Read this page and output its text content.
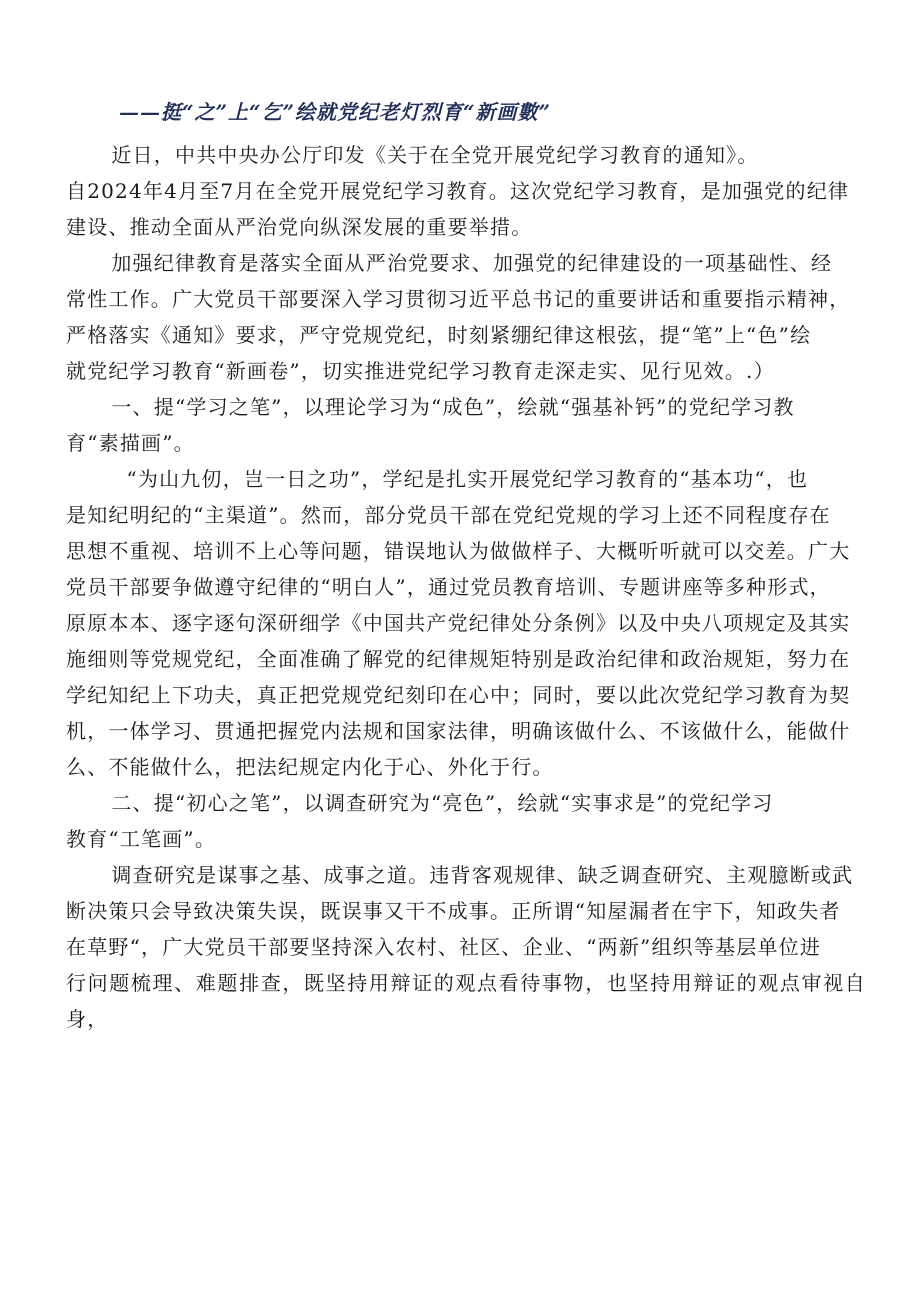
——挺“之”上“乞”绘就党纪老灯烈育“新画數”

近日，中共中央办公厅印发《关于在全党开展党纪学习教育的通知》。

自2024年4月至7月在全党开展党纪学习教育。这次党纪学习教育，是加强党的纪律

建设、推动全面从严治党向纵深发展的重要举措。

加强纪律教育是落实全面从严治党要求、加强党的纪律建设的一项基础性、经

常性工作。广大党员干部要深入学习贯彻习近平总书记的重要讲话和重要指示精神，

严格落实《通知》要求，严守党规党纪，时刻紧绷纪律这根弦，提“笔”上“色”绘

就党纪学习教育“新画卷”，切实推进党纪学习教育走深走实、见行见效。.）

一、提“学习之笔”，以理论学习为“成色”，绘就“强基补钙”的党纪学习教

育“素描画”。

“为山九仞，岂一日之功”，学纪是扎实开展党纪学习教育的“基本功“，也

是知纪明纪的“主渠道”。然而，部分党员干部在党纪党规的学习上还不同程度存在

思想不重视、培训不上心等问题，错误地认为做做样子、大概听听就可以交差。广大

党员干部要争做遵守纪律的“明白人”，通过党员教育培训、专题讲座等多种形式，

原原本本、逐字逐句深研细学《中国共产党纪律处分条例》以及中央八项规定及其实

施细则等党规党纪，全面准确了解党的纪律规矩特别是政治纪律和政治规矩，努力在

学纪知纪上下功夫，真正把党规党纪刻印在心中；同时，要以此次党纪学习教育为契

机，一体学习、贯通把握党内法规和国家法律，明确该做什么、不该做什么，能做什

么、不能做什么，把法纪规定内化于心、外化于行。

二、提“初心之笔”，以调查研究为“亮色”，绘就“实事求是”的党纪学习

教育“工笔画”。

调查研究是谋事之基、成事之道。违背客观规律、缺乏调查研究、主观臆断或武

断决策只会导致决策失误，既误事又干不成事。正所谓“知屋漏者在宇下，知政失者

在草野“，广大党员干部要坚持深入农村、社区、企业、“两新”组织等基层单位进

行问题梳理、难题排查，既坚持用辩证的观点看待事物，也坚持用辩证的观点审视自身，
